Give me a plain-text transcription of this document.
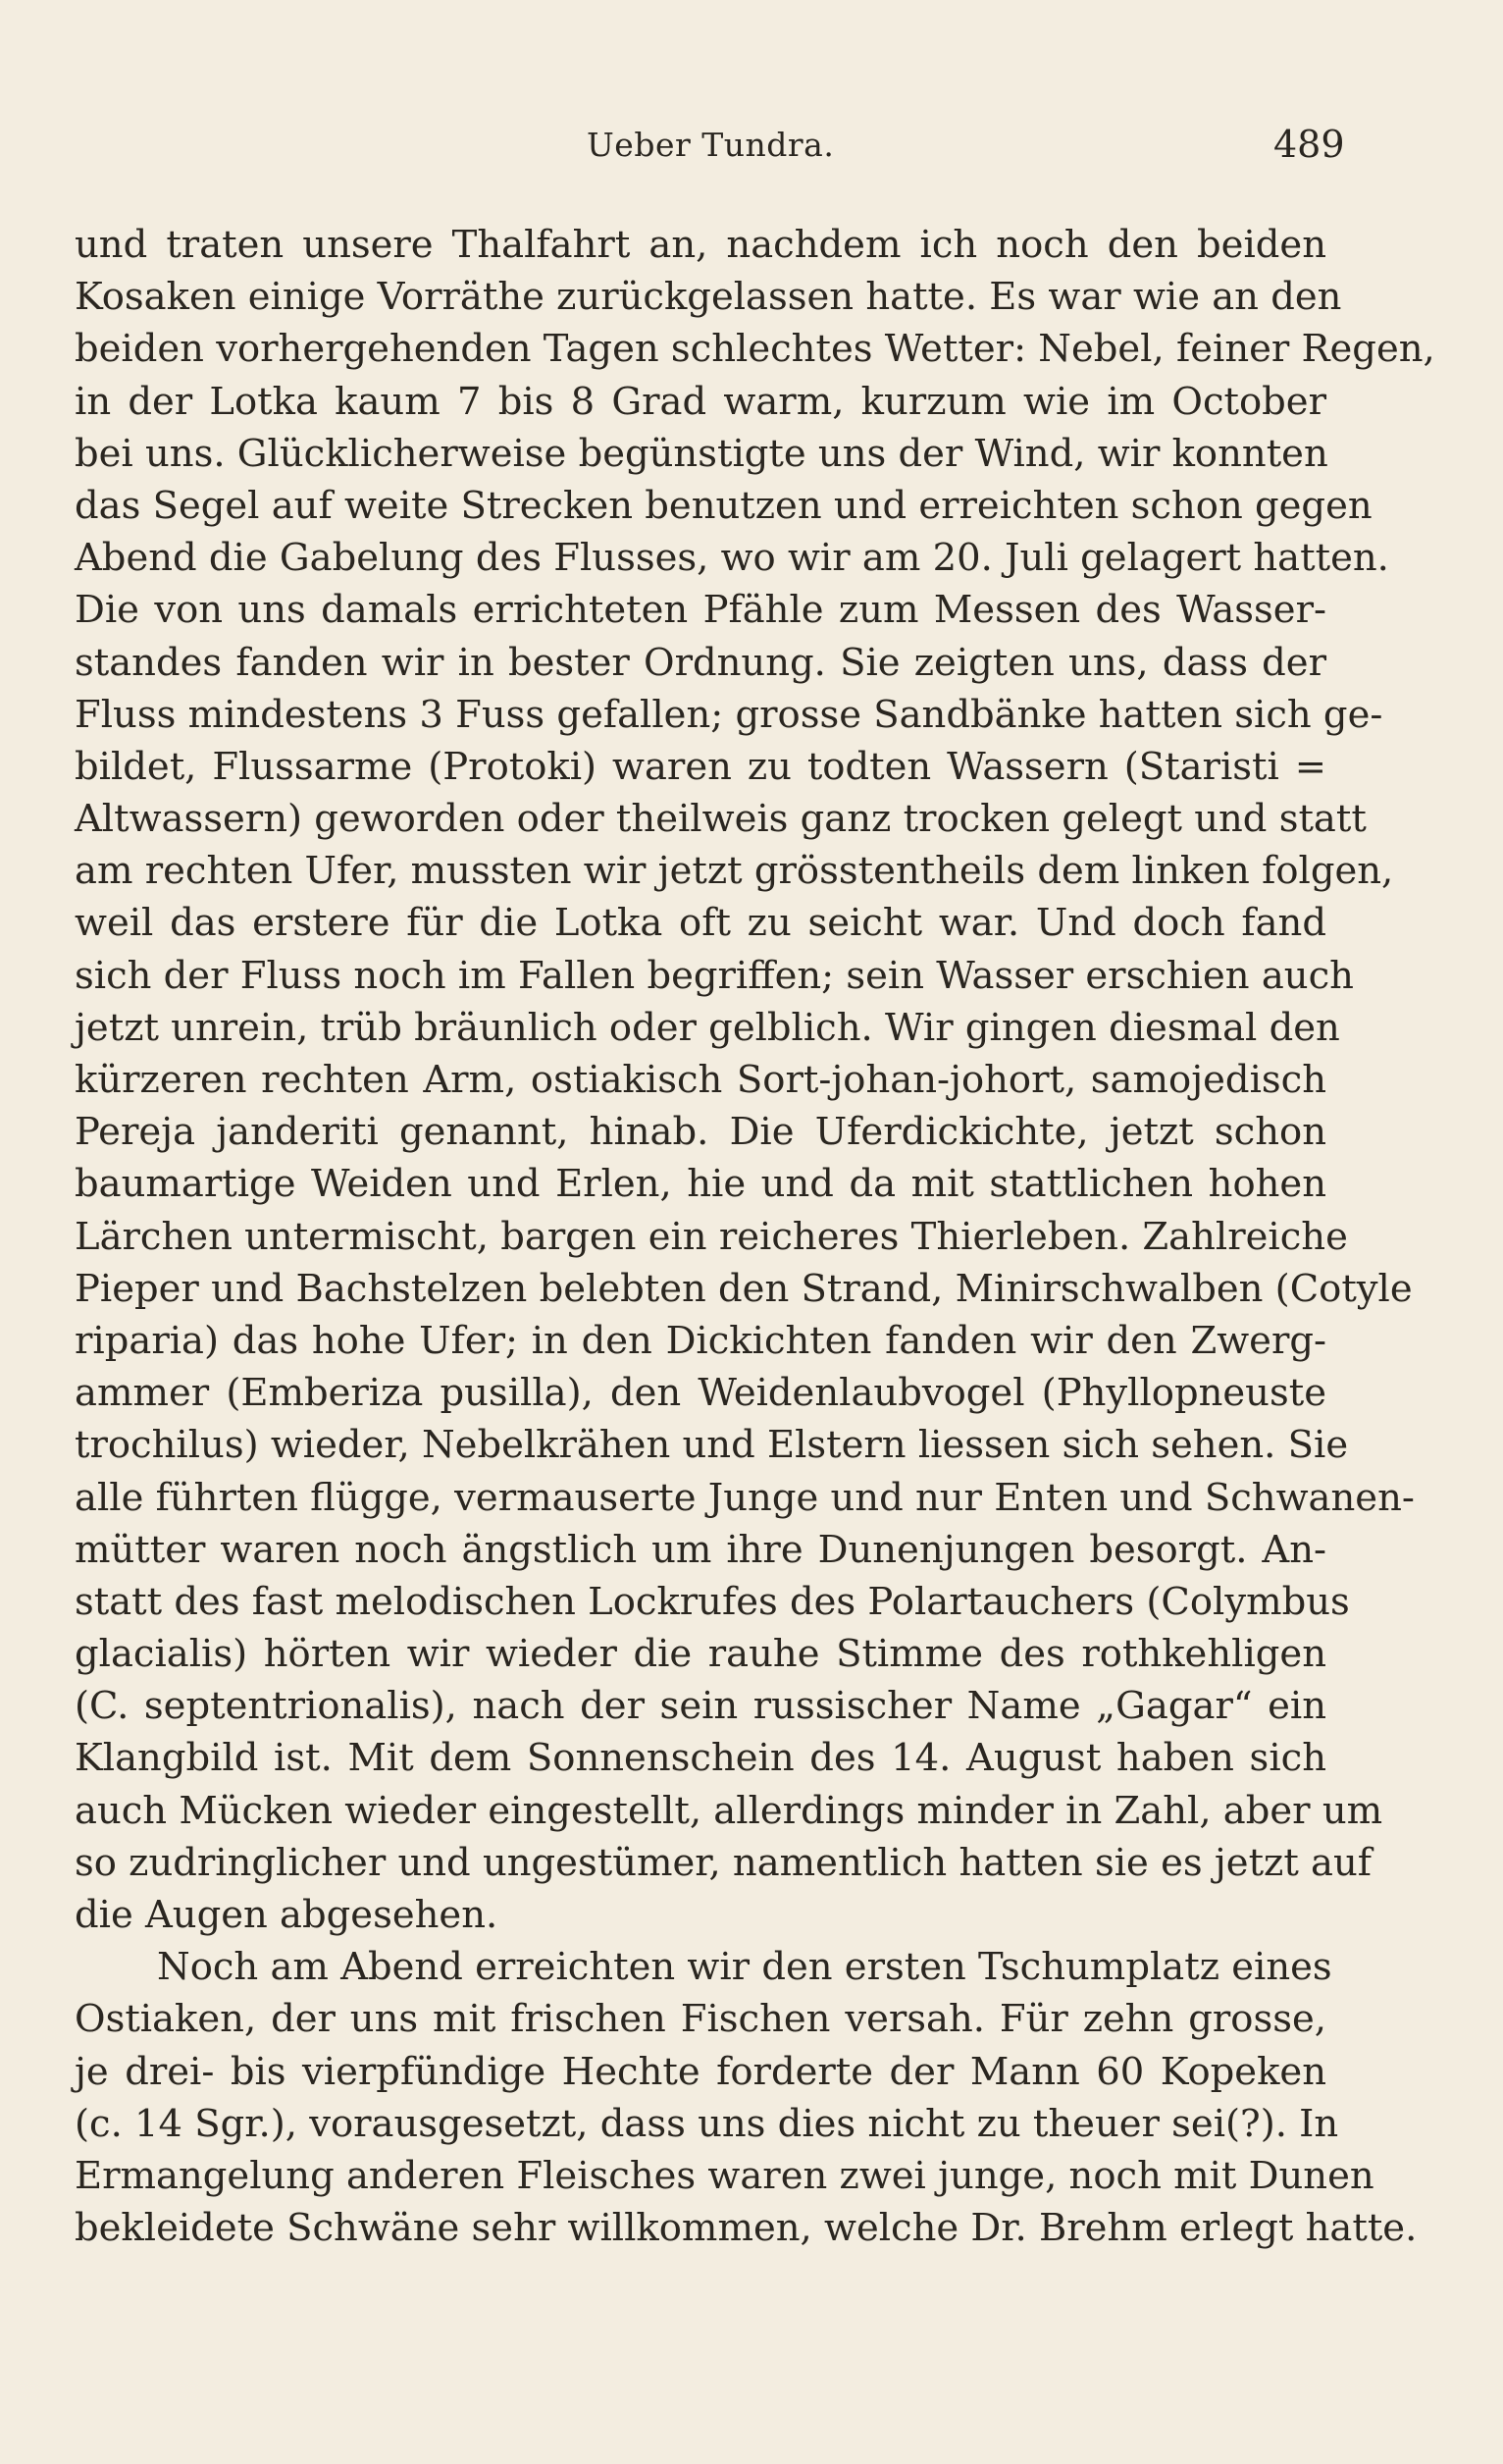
Ueber Tundra.	489
und traten unsere Thalfahrt an, nachdem ich noch den beiden
Kosaken einige Vorräthe zurückgelassen hatte. Es war wie an den
beiden vorhergehenden Tagen schlechtes Wetter: Nebel, feiner Regen,
in der Lotka kaum 7 bis 8 Grad warm, kurzum wie im October
bei uns. Glücklicherweise begünstigte uns der Wind, wir konnten
das Segel auf weite Strecken benutzen und erreichten schon gegen
Abend die Gabelung des Flusses, wo wir am 20. Juli gelagert hatten.
Die von uns damals errichteten Pfähle zum Messen des Wasser-
standes fanden wir in bester Ordnung. Sie zeigten uns, dass der
Fluss mindestens 3 Fuss gefallen; grosse Sandbänke hatten sich ge-
bildet, Flussarme (Protoki) waren zu todten Wassern (Staristi =
Altwassern) geworden oder theilweis ganz trocken gelegt und statt
am rechten Ufer, mussten wir jetzt grösstentheils dem linken folgen,
weil das erstere für die Lotka oft zu seicht war. Und doch fand
sich der Fluss noch im Fallen begriffen; sein Wasser erschien auch
jetzt unrein, trüb bräunlich oder gelblich. Wir gingen diesmal den
kürzeren rechten Arm, ostiakisch Sort-johan-johort, samojedisch
Pereja janderiti genannt, hinab. Die Uferdickichte, jetzt schon
baumartige Weiden und Erlen, hie und da mit stattlichen hohen
Lärchen untermischt, bargen ein reicheres Thierleben. Zahlreiche
Pieper und Bachstelzen belebten den Strand, Minirschwalben (Cotyle
riparia) das hohe Ufer; in den Dickichten fanden wir den Zwerg-
ammer (Emberiza pusilla), den Weidenlaubvogel (Phyllopneuste
trochilus) wieder, Nebelkrähen und Elstern liessen sich sehen. Sie
alle führten flügge, vermauserte Junge und nur Enten und Schwanen-
mütter waren noch ängstlich um ihre Dunenjungen besorgt. An-
statt des fast melodischen Lockrufes des Polartauchers (Colymbus
glacialis) hörten wir wieder die rauhe Stimme des rothkehligen
(C. septentrionalis), nach der sein russischer Name „Gagar“ ein
Klangbild ist. Mit dem Sonnenschein des 14. August haben sich
auch Mücken wieder eingestellt, allerdings minder in Zahl, aber um
so zudringlicher und ungestümer, namentlich hatten sie es jetzt auf
die Augen abgesehen.
Noch am Abend erreichten wir den ersten Tschumplatz eines
Ostiaken, der uns mit frischen Fischen versah. Für zehn grosse,
je drei- bis vierpfündige Hechte forderte der Mann 60 Kopeken
(c. 14 Sgr.), vorausgesetzt, dass uns dies nicht zu theuer sei(?). In
Ermangelung anderen Fleisches waren zwei junge, noch mit Dunen
bekleidete Schwäne sehr willkommen, welche Dr. Brehm erlegt hatte.
